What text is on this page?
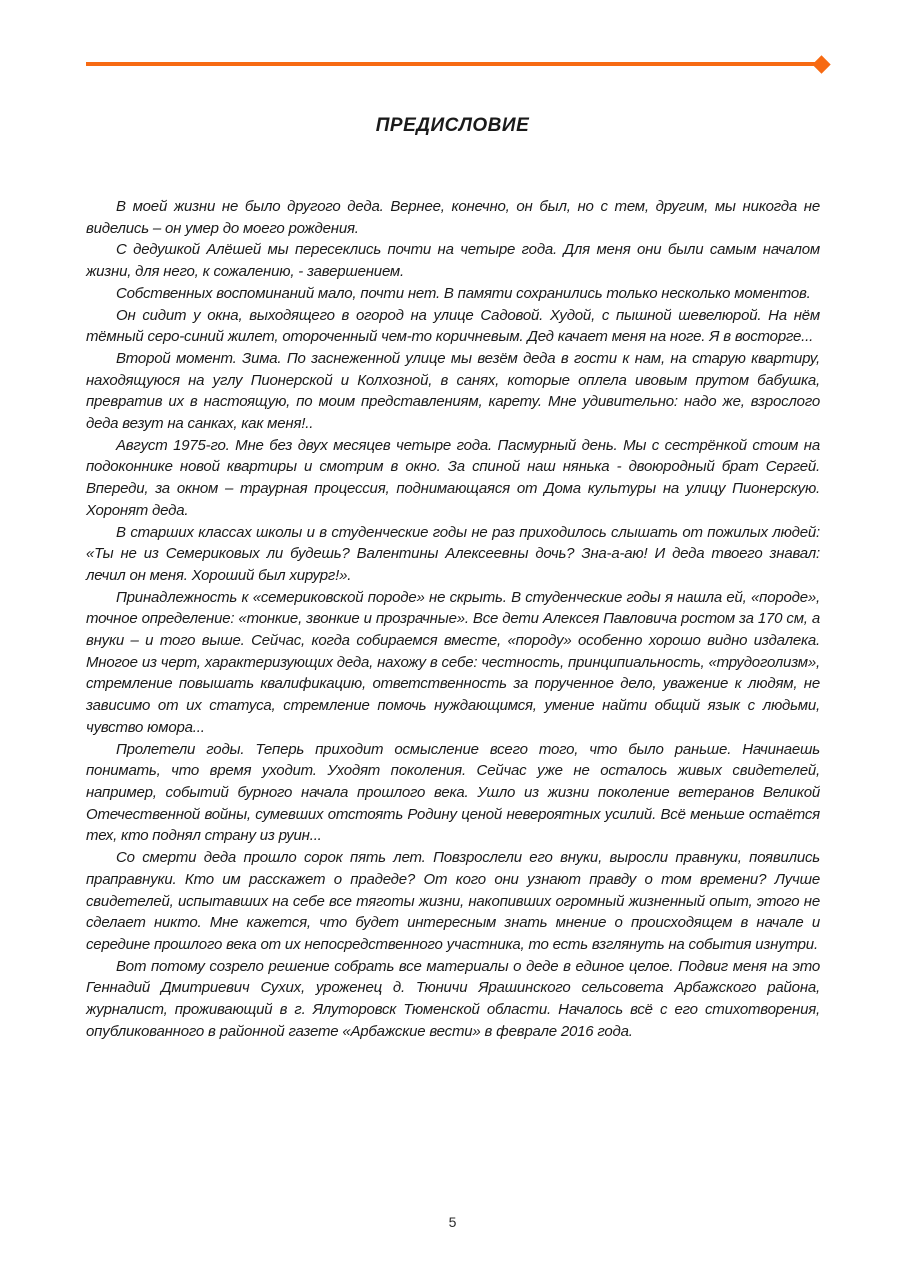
ПРЕДИСЛОВИЕ

В моей жизни не было другого деда. Вернее, конечно, он был, но с тем, другим, мы никогда не виделись – он умер до моего рождения.

С дедушкой Алёшей мы пересеклись почти на четыре года. Для меня они были самым началом жизни, для него, к сожалению, - завершением.

Собственных воспоминаний мало, почти нет. В памяти сохранились только несколько моментов.

Он сидит у окна, выходящего в огород на улице Садовой. Худой, с пышной шевелюрой. На нём тёмный серо-синий жилет, отороченный чем-то коричневым. Дед качает меня на ноге. Я в восторге...

Второй момент. Зима. По заснеженной улице мы везём деда в гости к нам, на старую квартиру, находящуюся на углу Пионерской и Колхозной, в санях, которые оплела ивовым прутом бабушка, превратив их в настоящую, по моим представлениям, карету. Мне удивительно: надо же, взрослого деда везут на санках, как меня!..

Август 1975-го. Мне без двух месяцев четыре года. Пасмурный день. Мы с сестрёнкой стоим на подоконнике новой квартиры и смотрим в окно. За спиной наш нянька - двоюродный брат Сергей. Впереди, за окном – траурная процессия, поднимающаяся от Дома культуры на улицу Пионерскую. Хоронят деда.

В старших классах школы и в студенческие годы не раз приходилось слышать от пожилых людей: «Ты не из Семериковых ли будешь? Валентины Алексеевны дочь? Зна-а-аю! И деда твоего знавал: лечил он меня. Хороший был хирург!».

Принадлежность к «семериковской породе» не скрыть. В студенческие годы я нашла ей, «породе», точное определение: «тонкие, звонкие и прозрачные». Все дети Алексея Павловича ростом за 170 см, а внуки – и того выше. Сейчас, когда собираемся вместе, «породу» особенно хорошо видно издалека. Многое из черт, характеризующих деда, нахожу в себе: честность, принципиальность, «трудоголизм», стремление повышать квалификацию, ответственность за порученное дело, уважение к людям, не зависимо от их статуса, стремление помочь нуждающимся, умение найти общий язык с людьми, чувство юмора...

Пролетели годы. Теперь приходит осмысление всего того, что было раньше. Начинаешь понимать, что время уходит. Уходят поколения. Сейчас уже не осталось живых свидетелей, например, событий бурного начала прошлого века. Ушло из жизни поколение ветеранов Великой Отечественной войны, сумевших отстоять Родину ценой невероятных усилий. Всё меньше остаётся тех, кто поднял страну из руин...

Со смерти деда прошло сорок пять лет. Повзрослели его внуки, выросли правнуки, появились праправнуки. Кто им расскажет о прадеде? От кого они узнают правду о том времени? Лучше свидетелей, испытавших на себе все тяготы жизни, накопивших огромный жизненный опыт, этого не сделает никто. Мне кажется, что будет интересным знать мнение о происходящем в начале и середине прошлого века от их непосредственного участника, то есть взглянуть на события изнутри.

Вот потому созрело решение собрать все материалы о деде в единое целое. Подвиг меня на это Геннадий Дмитриевич Сухих, уроженец д. Тюничи Ярашинского сельсовета Арбажского района, журналист, проживающий в г. Ялуторовск Тюменской области. Началось всё с его стихотворения, опубликованного в районной газете «Арбажские вести» в феврале 2016 года.

5
